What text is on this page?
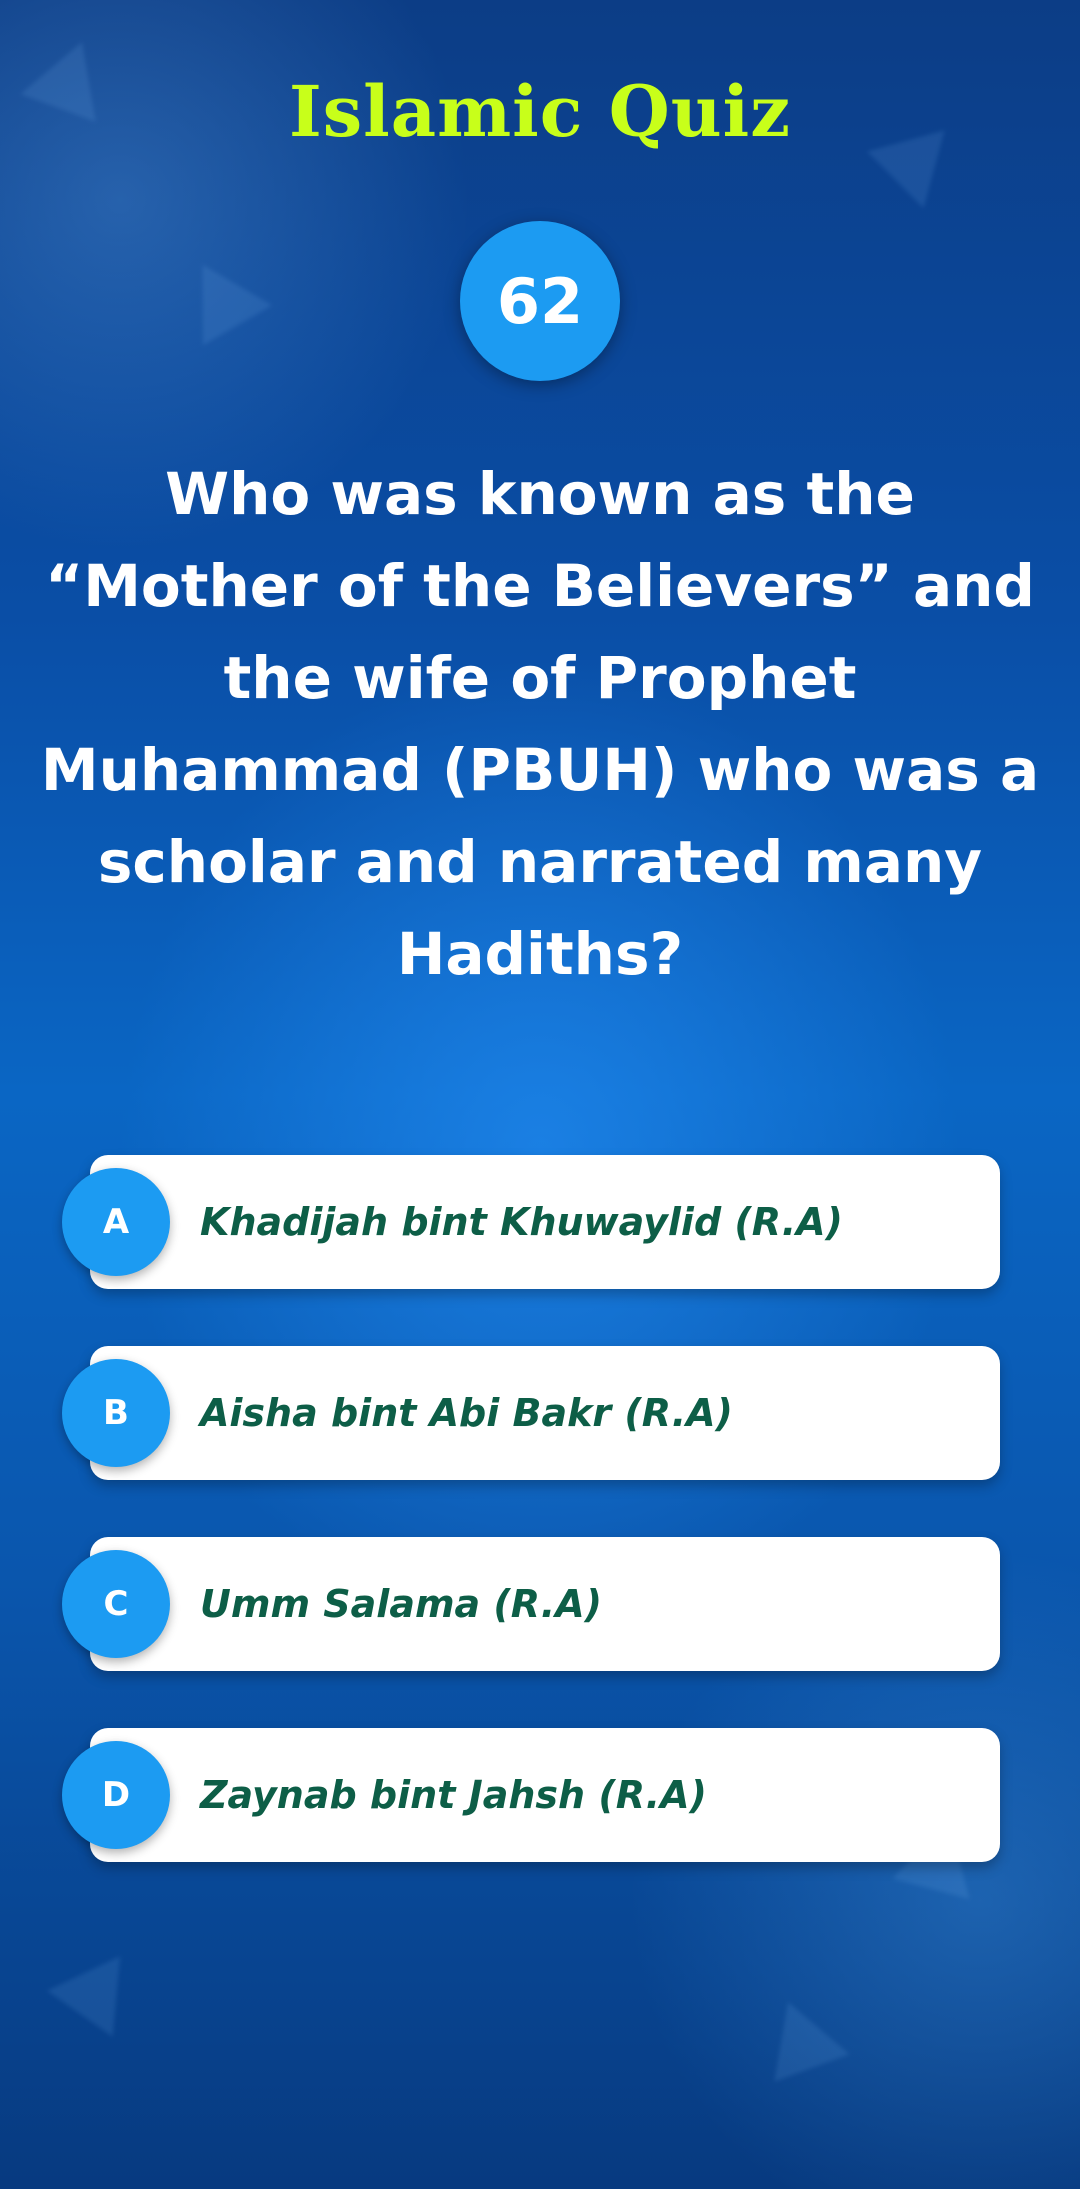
Islamic Quiz
62
Who was known as the “Mother of the Believers” and the wife of Prophet Muhammad (PBUH) who was a scholar and narrated many Hadiths?
A	Khadijah bint Khuwaylid (R.A)
B	Aisha bint Abi Bakr (R.A)
C	Umm Salama (R.A)
D	Zaynab bint Jahsh (R.A)
